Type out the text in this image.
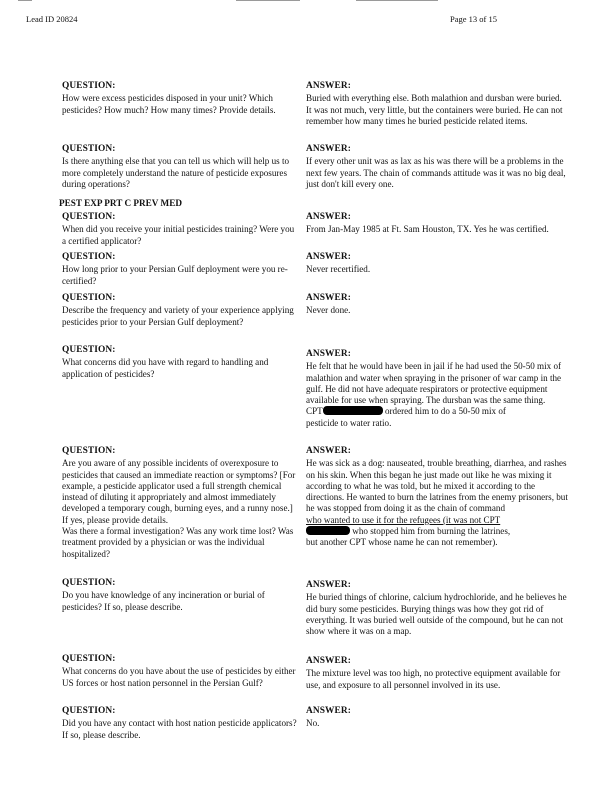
Lead ID 20824	Page 13 of 15
QUESTION:
How were excess pesticides disposed in your unit? Which pesticides? How much? How many times? Provide details.
ANSWER:
Buried with everything else. Both malathion and dursban were buried. It was not much, very little, but the containers were buried. He can not remember how many times he buried pesticide related items.
QUESTION:
Is there anything else that you can tell us which will help us to more completely understand the nature of pesticide exposures during operations?
ANSWER:
If every other unit was as lax as his was there will be a problems in the next few years. The chain of commands attitude was it was no big deal, just don't kill every one.
PEST EXP PRT C PREV MED
QUESTION:
When did you receive your initial pesticides training? Were you a certified applicator?
ANSWER:
From Jan-May 1985 at Ft. Sam Houston, TX. Yes he was certified.
QUESTION:
How long prior to your Persian Gulf deployment were you re-certified?
ANSWER:
Never recertified.
QUESTION:
Describe the frequency and variety of your experience applying pesticides prior to your Persian Gulf deployment?
ANSWER:
Never done.
QUESTION:
What concerns did you have with regard to handling and application of pesticides?
ANSWER:
He felt that he would have been in jail if he had used the 50-50 mix of malathion and water when spraying in the prisoner of war camp in the gulf. He did not have adequate respirators or protective equipment available for use when spraying. The dursban was the same thing.
CPT	ordered him to do a 50-50 mix of
pesticide to water ratio.
QUESTION:
Are you aware of any possible incidents of overexposure to pesticides that caused an immediate reaction or symptoms? [For example, a pesticide applicator used a full strength chemical instead of diluting it appropriately and almost immediately developed a temporary cough, burning eyes, and a runny nose.] If yes, please provide details.
Was there a formal investigation? Was any work time lost? Was treatment provided by a physician or was the individual hospitalized?
ANSWER:
He was sick as a dog: nauseated, trouble breathing, diarrhea, and rashes on his skin. When this began he just made out like he was mixing it according to what he was told, but he mixed it according to the directions. He wanted to burn the latrines from the enemy prisoners, but he was stopped from doing it as the chain of command
who wanted to use it for the refugees (it was not CPT
who stopped him from burning the latrines,
but another CPT whose name he can not remember).
QUESTION:
Do you have knowledge of any incineration or burial of pesticides? If so, please describe.
ANSWER:
He buried things of chlorine, calcium hydrochloride, and he believes he did bury some pesticides. Burying things was how they got rid of everything. It was buried well outside of the compound, but he can not show where it was on a map.
QUESTION:
What concerns do you have about the use of pesticides by either US forces or host nation personnel in the Persian Gulf?
ANSWER:
The mixture level was too high, no protective equipment available for use, and exposure to all personnel involved in its use.
QUESTION:
Did you have any contact with host nation pesticide applicators? If so, please describe.
ANSWER:
No.
